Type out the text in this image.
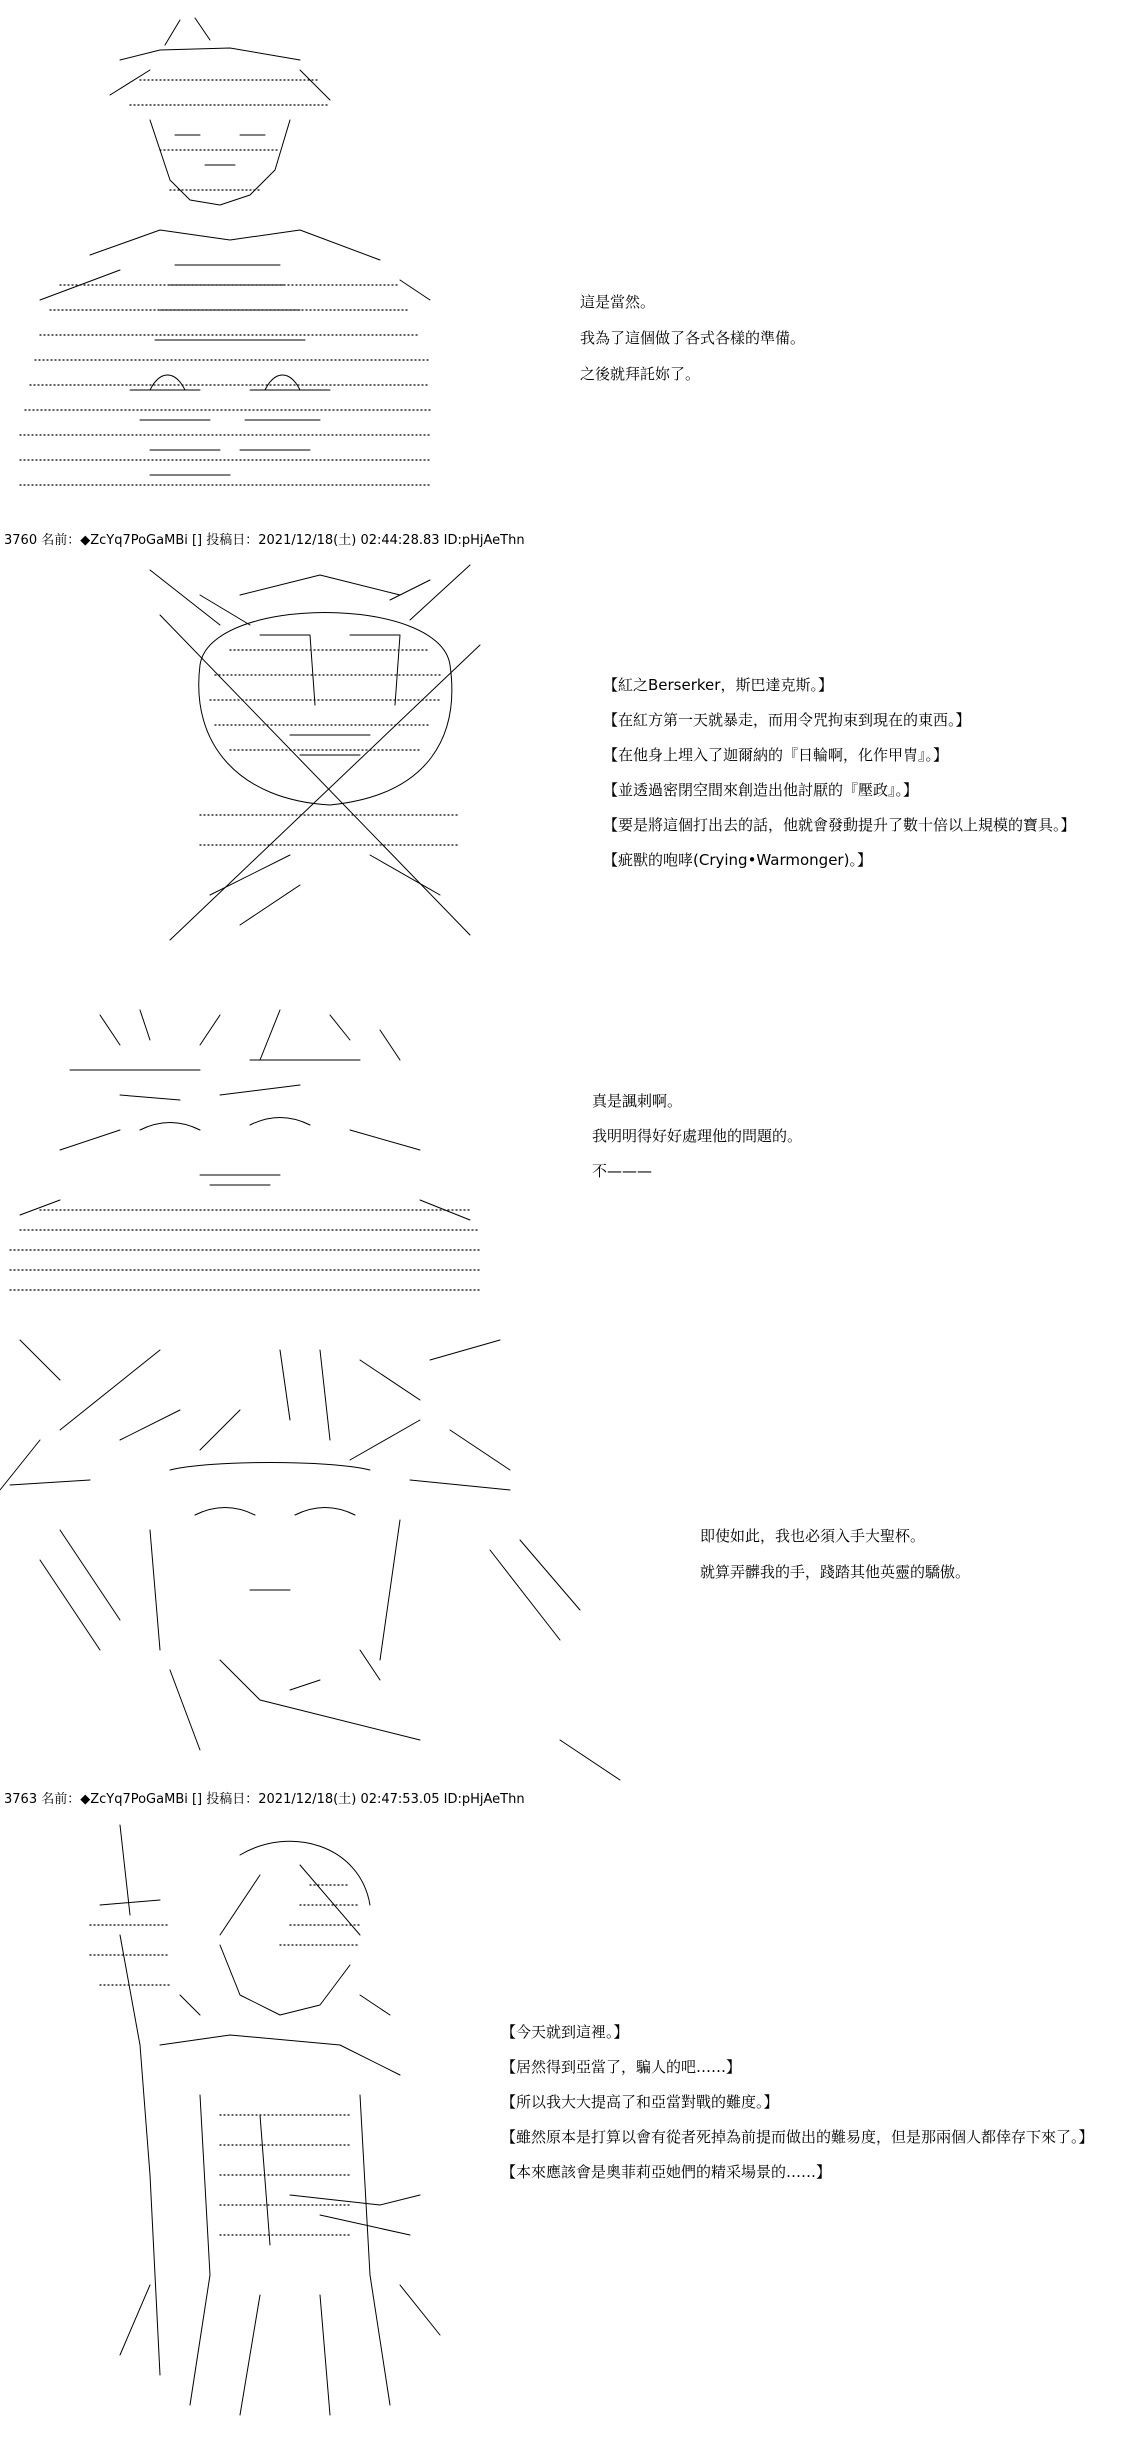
這是當然。
我為了這個做了各式各樣的準備。
之後就拜託妳了。
3760 名前：◆ZcYq7PoGaMBi [] 投稿日：2021/12/18(土) 02:44:28.83 ID:pHjAeThn
【紅之Berserker，斯巴達克斯。】
【在紅方第一天就暴走，而用令咒拘束到現在的東西。】
【在他身上埋入了迦爾納的『日輪啊，化作甲冑』。】
【並透過密閉空間來創造出他討厭的『壓政』。】
【要是將這個打出去的話，他就會發動提升了數十倍以上規模的寶具。】
【疵獸的咆哮(Crying•Warmonger)。】
真是諷刺啊。
我明明得好好處理他的問題的。
不———
即使如此，我也必須入手大聖杯。
就算弄髒我的手，踐踏其他英靈的驕傲。
3763 名前：◆ZcYq7PoGaMBi [] 投稿日：2021/12/18(土) 02:47:53.05 ID:pHjAeThn
【今天就到這裡。】
【居然得到亞當了，騙人的吧……】
【所以我大大提高了和亞當對戰的難度。】
【雖然原本是打算以會有從者死掉為前提而做出的難易度，但是那兩個人都倖存下來了。】
【本來應該會是奧菲莉亞她們的精采場景的……】
